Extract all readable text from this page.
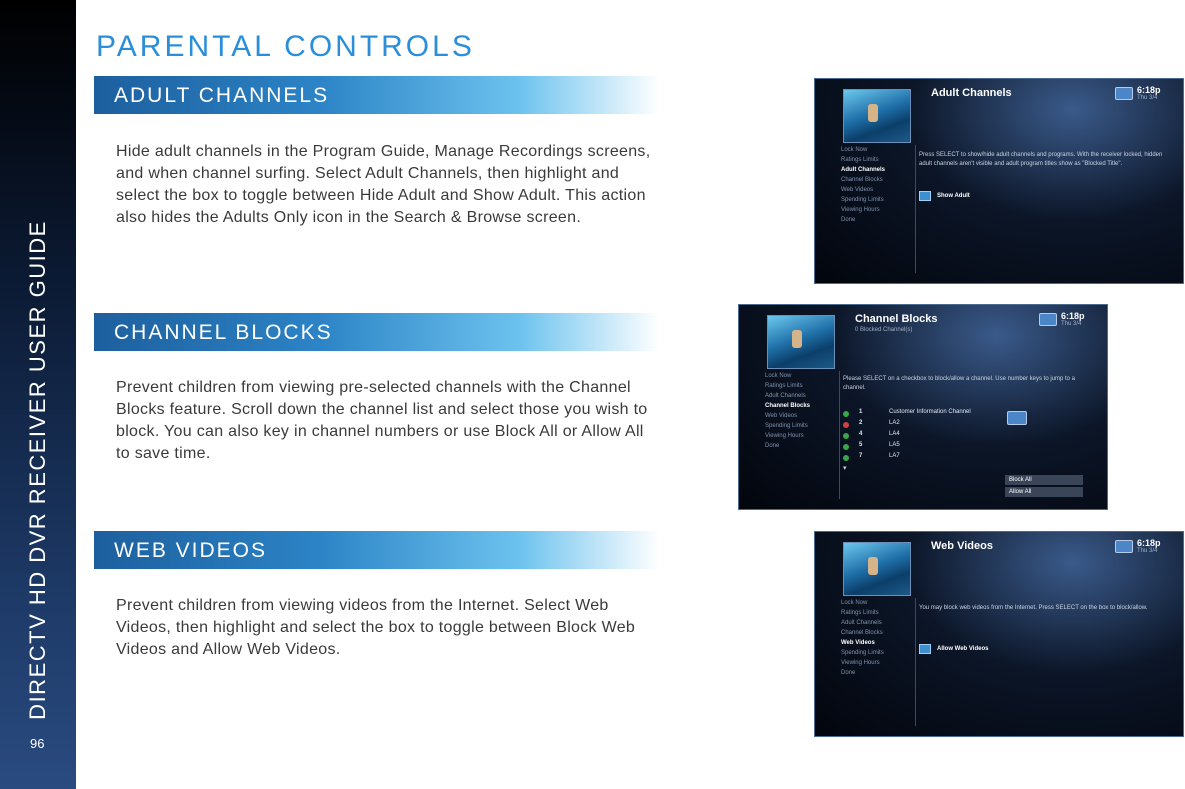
DIRECTV HD DVR RECEIVER USER GUIDE
96
PARENTAL CONTROLS
ADULT CHANNELS

Hide adult channels in the Program Guide, Manage Recordings screens, and when channel surfing. Select Adult Channels, then highlight and select the box to toggle between Hide Adult and Show Adult. This action also hides the Adults Only icon in the Search & Browse screen.

CHANNEL BLOCKS

Prevent children from viewing pre-selected channels with the Channel Blocks feature. Scroll down the channel list and select those you wish to block. You can also key in channel numbers or use Block All or Allow All to save time.

WEB VIDEOS

Prevent children from viewing videos from the Internet. Select Web Videos, then highlight and select the box to toggle between Block Web Videos and Allow Web Videos.

Adult Channels	6:18p
Thu 3/4
Lock Now
Ratings Limits
Adult Channels
Channel Blocks
Web Videos
Spending Limits
Viewing Hours
Done
Press SELECT to show/hide adult channels and programs. With the receiver locked, hidden adult channels aren't visible and adult program titles show as "Blocked Title".
Show Adult
Channel Blocks
0 Blocked Channel(s)
6:18p
Thu 3/4
Lock Now
Ratings Limits
Adult Channels
Channel Blocks
Web Videos
Spending Limits
Viewing Hours
Done
Please SELECT on a checkbox to block/allow a channel. Use number keys to jump to a channel.
1	Customer Information Channel
2	LA2
4	LA4
5	LA5
7	LA7
▾
Block All
Allow All
Web Videos	6:18p
Thu 3/4
Lock Now
Ratings Limits
Adult Channels
Channel Blocks
Web Videos
Spending Limits
Viewing Hours
Done
You may block web videos from the Internet. Press SELECT on the box to block/allow.
Allow Web Videos
